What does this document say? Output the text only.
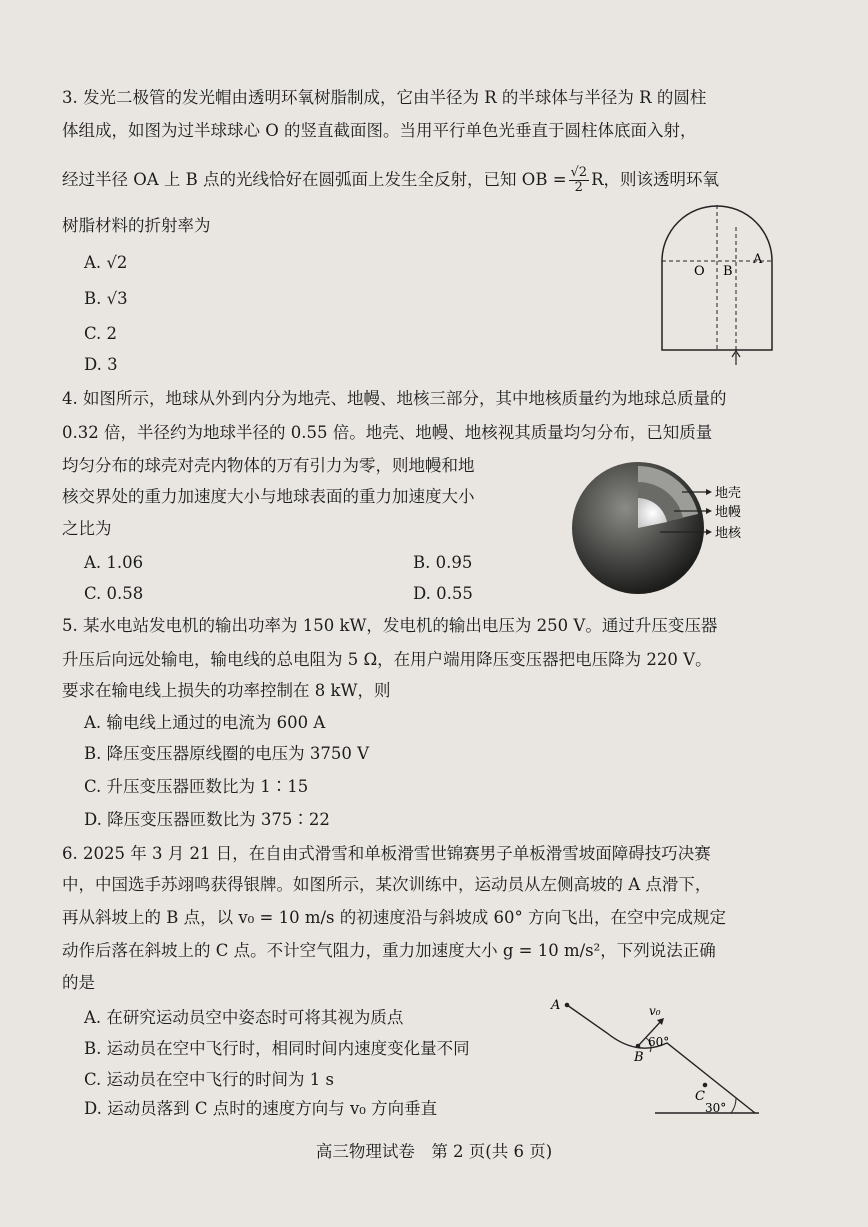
3. 发光二极管的发光帽由透明环氧树脂制成，它由半径为 R 的半球体与半径为 R 的圆柱
体组成，如图为过半球球心 O 的竖直截面图。当用平行单色光垂直于圆柱体底面入射，
经过半径 OA 上 B 点的光线恰好在圆弧面上发生全反射，已知 OB = $\frac{√2}{2}$ R，则该透明环氧
树脂材料的折射率为
A. √2
B. √3
C. 2
D. 3
O B
A
4. 如图所示，地球从外到内分为地壳、地幔、地核三部分，其中地核质量约为地球总质量的
0.32 倍，半径约为地球半径的 0.55 倍。地壳、地幔、地核视其质量均匀分布，已知质量
均匀分布的球壳对壳内物体的万有引力为零，则地幔和地
核交界处的重力加速度大小与地球表面的重力加速度大小
之比为
A. 1.06	B. 0.95
C. 0.58	D. 0.55
地壳
地幔
地核
5. 某水电站发电机的输出功率为 150 kW，发电机的输出电压为 250 V。通过升压变压器
升压后向远处输电，输电线的总电阻为 5 Ω，在用户端用降压变压器把电压降为 220 V。
要求在输电线上损失的功率控制在 8 kW，则
A. 输电线上通过的电流为 600 A
B. 降压变压器原线圈的电压为 3750 V
C. 升压变压器匝数比为 1∶15
D. 降压变压器匝数比为 375∶22
6. 2025 年 3 月 21 日，在自由式滑雪和单板滑雪世锦赛男子单板滑雪坡面障碍技巧决赛
中，中国选手苏翊鸣获得银牌。如图所示，某次训练中，运动员从左侧高坡的 A 点滑下，
再从斜坡上的 B 点，以 v₀ = 10 m/s 的初速度沿与斜坡成 60° 方向飞出，在空中完成规定
动作后落在斜坡上的 C 点。不计空气阻力，重力加速度大小 g = 10 m/s²，下列说法正确
的是
A. 在研究运动员空中姿态时可将其视为质点
B. 运动员在空中飞行时，相同时间内速度变化量不同
C. 运动员在空中飞行的时间为 1 s
D. 运动员落到 C 点时的速度方向与 v₀ 方向垂直
A
B
C
v₀
60°
30°
高三物理试卷　第 2 页(共 6 页)
